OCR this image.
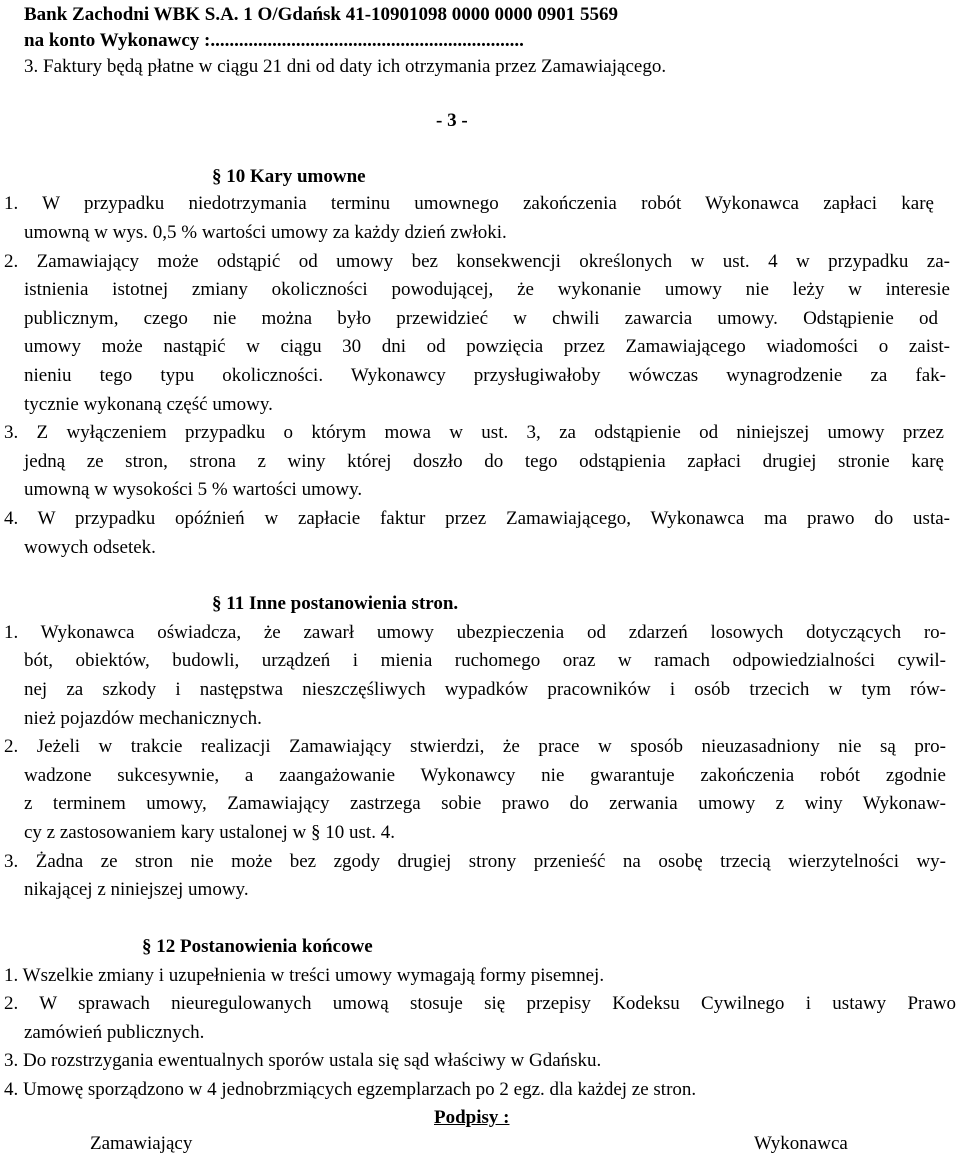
Bank Zachodni WBK S.A. 1 O/Gdańsk 41-10901098 0000 0000 0901 5569
na konto Wykonawcy :..................................................................
3. Faktury będą płatne w ciągu 21 dni od daty ich otrzymania przez Zamawiającego.
- 3 -
§ 10 Kary umowne
1. W przypadku niedotrzymania terminu umownego zakończenia robót Wykonawca zapłaci karę
umowną w wys. 0,5 % wartości umowy za każdy dzień zwłoki.
2. Zamawiający może odstąpić od umowy bez konsekwencji określonych w ust. 4 w przypadku za-
istnienia istotnej zmiany okoliczności powodującej, że wykonanie umowy nie leży w interesie
publicznym, czego nie można było przewidzieć w chwili zawarcia umowy. Odstąpienie od
umowy może nastąpić w ciągu 30 dni od powzięcia przez Zamawiającego wiadomości o zaist-
nieniu tego typu okoliczności. Wykonawcy przysługiwałoby wówczas wynagrodzenie za fak-
tycznie wykonaną część umowy.
3. Z wyłączeniem przypadku o którym mowa w ust. 3, za odstąpienie od niniejszej umowy przez
jedną ze stron, strona z winy której doszło do tego odstąpienia zapłaci drugiej stronie karę
umowną w wysokości 5 % wartości umowy.
4. W przypadku opóźnień w zapłacie faktur przez Zamawiającego, Wykonawca ma prawo do usta-
wowych odsetek.
§ 11 Inne postanowienia stron.
1. Wykonawca oświadcza, że zawarł umowy ubezpieczenia od zdarzeń losowych dotyczących ro-
bót, obiektów, budowli, urządzeń i mienia ruchomego oraz w ramach odpowiedzialności cywil-
nej za szkody i następstwa nieszczęśliwych wypadków pracowników i osób trzecich w tym rów-
nież pojazdów mechanicznych.
2. Jeżeli w trakcie realizacji Zamawiający stwierdzi, że prace w sposób nieuzasadniony nie są pro-
wadzone sukcesywnie, a zaangażowanie Wykonawcy nie gwarantuje zakończenia robót zgodnie
z terminem umowy, Zamawiający zastrzega sobie prawo do zerwania umowy z winy Wykonaw-
cy z zastosowaniem kary ustalonej w § 10 ust. 4.
3. Żadna ze stron nie może bez zgody drugiej strony przenieść na osobę trzecią wierzytelności wy-
nikającej z niniejszej umowy.
§ 12 Postanowienia końcowe
1. Wszelkie zmiany i uzupełnienia w treści umowy wymagają formy pisemnej.
2. W sprawach nieuregulowanych umową stosuje się przepisy Kodeksu Cywilnego i ustawy Prawo
zamówień publicznych.
3. Do rozstrzygania ewentualnych sporów ustala się sąd właściwy w Gdańsku.
4. Umowę sporządzono w 4 jednobrzmiących egzemplarzach po 2 egz. dla każdej ze stron.
Podpisy :
Zamawiający	Wykonawca
